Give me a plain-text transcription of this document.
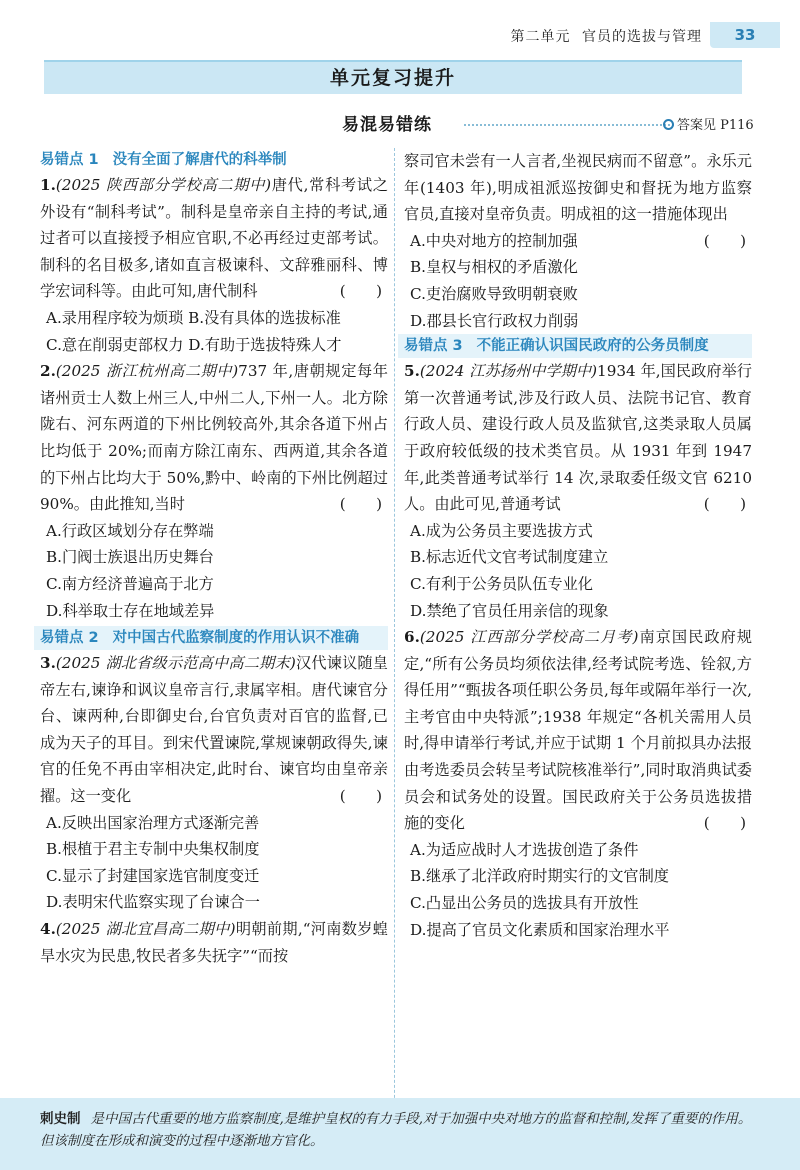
第二单元 官员的选拔与管理	33
单元复习提升
易混易错练	答案见 P116
易错点 1 没有全面了解唐代的科举制
1.(2025 陕西部分学校高二期中)唐代,常科考试之外设有“制科考试”。制科是皇帝亲自主持的考试,通过者可以直接授予相应官职,不必再经过吏部考试。制科的名目极多,诸如直言极谏科、文辞雅丽科、博学宏词科等。由此可知,唐代制科	(　　)
A.录用程序较为烦琐 B.没有具体的选拔标准
C.意在削弱吏部权力 D.有助于选拔特殊人才
2.(2025 浙江杭州高二期中)737 年,唐朝规定每年诸州贡士人数上州三人,中州二人,下州一人。北方除陇右、河东两道的下州比例较高外,其余各道下州占比均低于 20%;而南方除江南东、西两道,其余各道的下州占比均大于 50%,黔中、岭南的下州比例超过 90%。由此推知,当时	(　　)
A.行政区域划分存在弊端
B.门阀士族退出历史舞台
C.南方经济普遍高于北方
D.科举取士存在地域差异
易错点 2 对中国古代监察制度的作用认识不准确
3.(2025 湖北省级示范高中高二期末)汉代谏议随皇帝左右,谏诤和讽议皇帝言行,隶属宰相。唐代谏官分台、谏两种,台即御史台,台官负责对百官的监督,已成为天子的耳目。到宋代置谏院,掌规谏朝政得失,谏官的任免不再由宰相决定,此时台、谏官均由皇帝亲擢。这一变化	(　　)
A.反映出国家治理方式逐渐完善
B.根植于君主专制中央集权制度
C.显示了封建国家选官制度变迁
D.表明宋代监察实现了台谏合一
4.(2025 湖北宜昌高二期中)明朝前期,“河南数岁蝗旱水灾为民患,牧民者多失抚字”“而按
察司官未尝有一人言者,坐视民病而不留意”。永乐元年(1403 年),明成祖派巡按御史和督抚为地方监察官员,直接对皇帝负责。明成祖的这一措施体现出
(　　)
A.中央对地方的控制加强
B.皇权与相权的矛盾激化
C.吏治腐败导致明朝衰败
D.郡县长官行政权力削弱
易错点 3 不能正确认识国民政府的公务员制度
5.(2024 江苏扬州中学期中)1934 年,国民政府举行第一次普通考试,涉及行政人员、法院书记官、教育行政人员、建设行政人员及监狱官,这类录取人员属于政府较低级的技术类官员。从 1931 年到 1947 年,此类普通考试举行 14 次,录取委任级文官 6210 人。由此可见,普通考试	(　　)
A.成为公务员主要选拔方式
B.标志近代文官考试制度建立
C.有利于公务员队伍专业化
D.禁绝了官员任用亲信的现象
6.(2025 江西部分学校高二月考)南京国民政府规定,“所有公务员均须依法律,经考试院考选、铨叙,方得任用”“甄拔各项任职公务员,每年或隔年举行一次,主考官由中央特派”;1938 年规定“各机关需用人员时,得申请举行考试,并应于试期 1 个月前拟具办法报由考选委员会转呈考试院核准举行”,同时取消典试委员会和试务处的设置。国民政府关于公务员选拔措施的变化	(　　)
A.为适应战时人才选拔创造了条件
B.继承了北洋政府时期实行的文官制度
C.凸显出公务员的选拔具有开放性
D.提高了官员文化素质和国家治理水平
刺史制 是中国古代重要的地方监察制度,是维护皇权的有力手段,对于加强中央对地方的监督和控制,发挥了重要的作用。但该制度在形成和演变的过程中逐渐地方官化。
